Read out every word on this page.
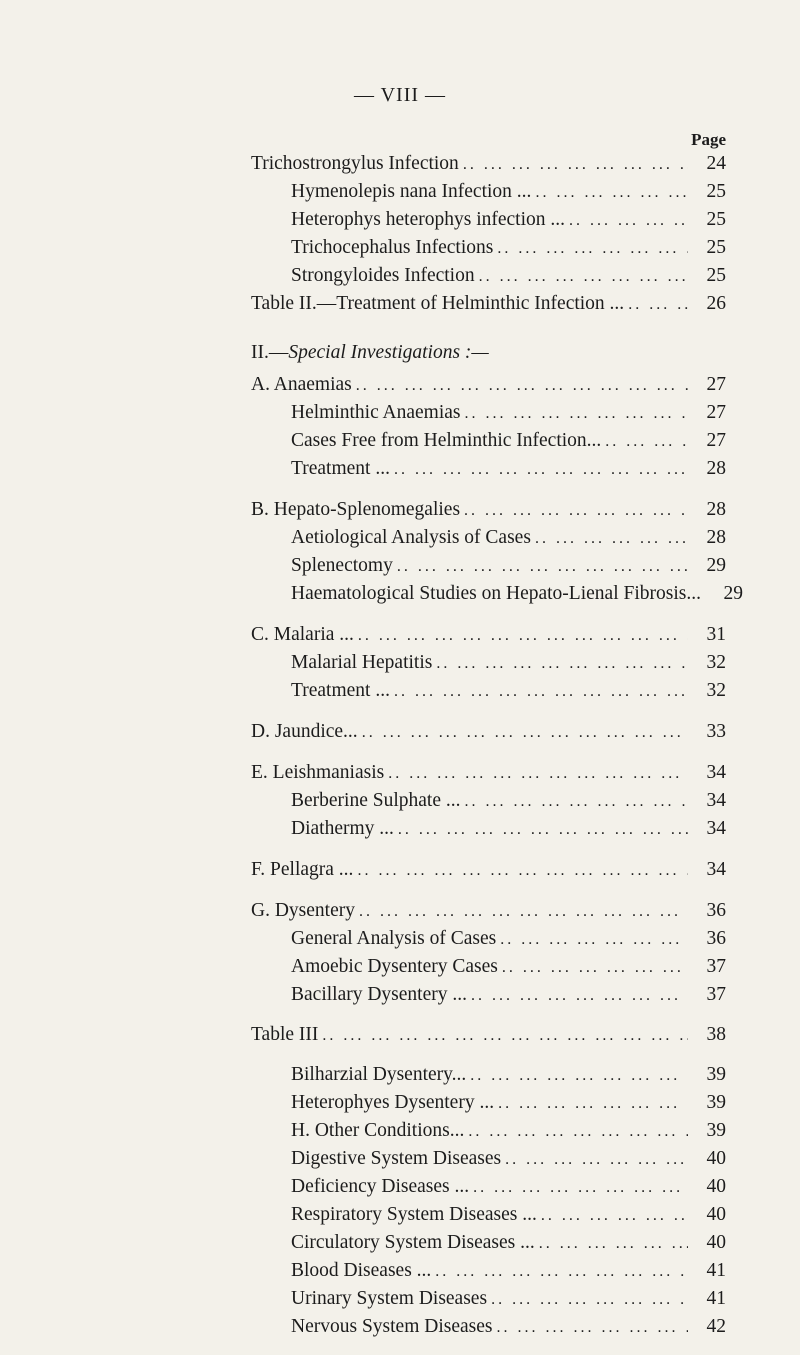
— VIII —
Page
II.—Special Investigations :—
Trichostrongylus Infection .. ..	24
Hymenolepis nana Infection ... .. ..	25
Heterophys heterophys infection ... .. ..	25
Trichocephalus Infections .. ..	25
Strongyloides Infection .. ..	25
Table II.—Treatment of Helminthic Infection ... .. ..	26
A. Anaemias .. ..	27
Helminthic Anaemias .. ..	27
Cases Free from Helminthic Infection... .. ..	27
Treatment ... .. ..	28
B. Hepato-Splenomegalies .. ..	28
Aetiological Analysis of Cases .. ..	28
Splenectomy .. ..	29
Haematological Studies on Hepato-Lienal Fibrosis...	29
C. Malaria ... .. ..	31
Malarial Hepatitis .. ..	32
Treatment ... .. ..	32
D. Jaundice... .. ..	33
E. Leishmaniasis .. ..	34
Berberine Sulphate ... .. ..	34
Diathermy ... .. ..	34
F. Pellagra ... .. ..	34
G. Dysentery .. ..	36
General Analysis of Cases .. ..	36
Amoebic Dysentery Cases .. ..	37
Bacillary Dysentery ... .. ..	37
Table III .. ..	38
Bilharzial Dysentery... .. ..	39
Heterophyes Dysentery ... .. ..	39
H. Other Conditions... .. ..	39
Digestive System Diseases .. ..	40
Deficiency Diseases ... .. ..	40
Respiratory System Diseases ... .. ..	40
Circulatory System Diseases ... .. ..	40
Blood Diseases ... .. ..	41
Urinary System Diseases .. ..	41
Nervous System Diseases .. ..	42
